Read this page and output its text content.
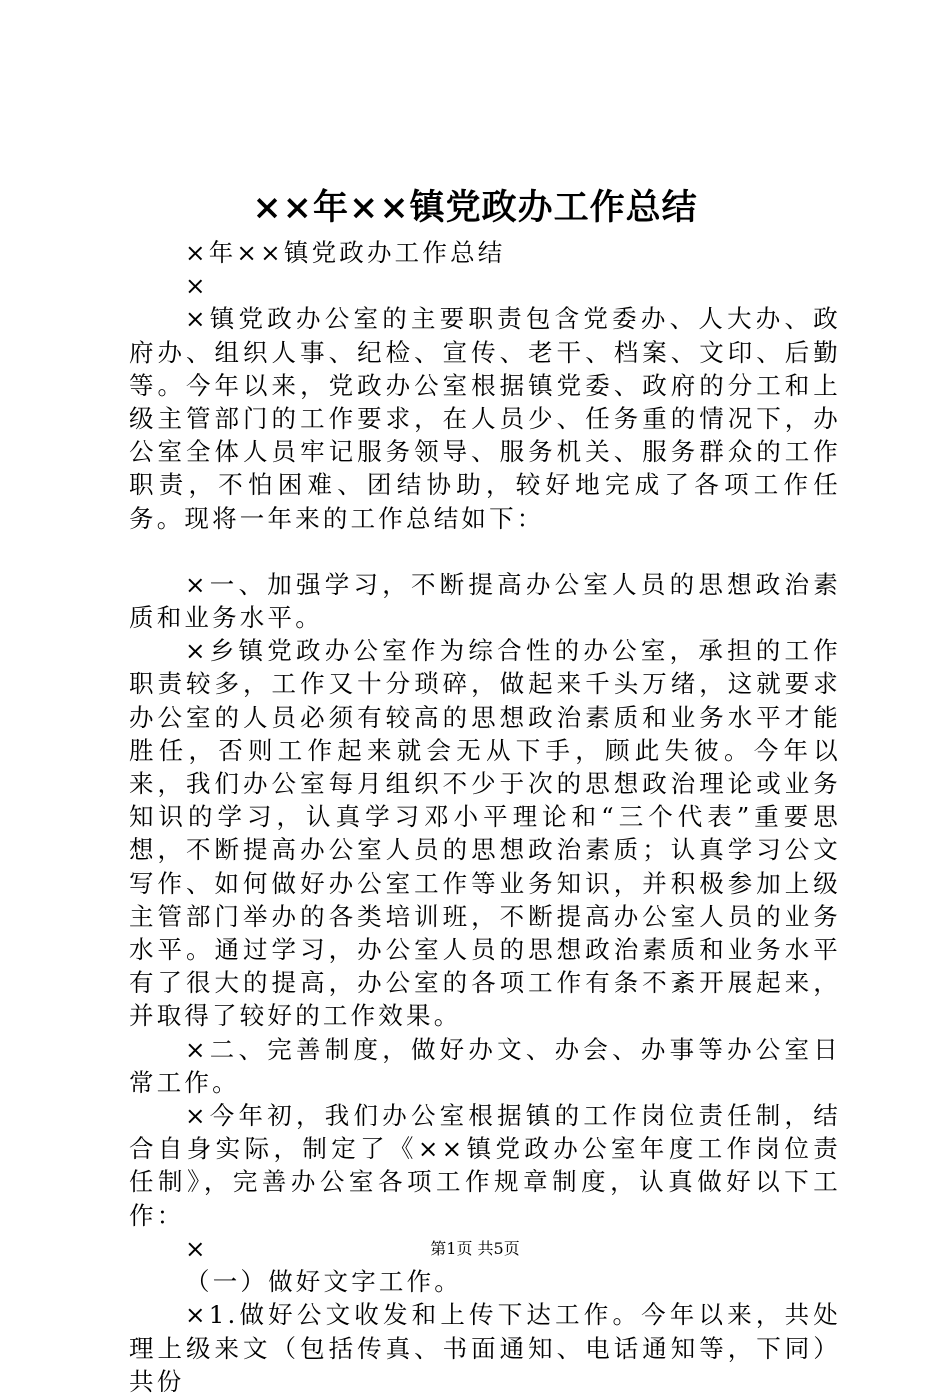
××年××镇党政办工作总结

×年××镇党政办工作总结

×

×镇党政办公室的主要职责包含党委办、人大办、政府办、组织人事、纪检、宣传、老干、档案、文印、后勤等。今年以来，党政办公室根据镇党委、政府的分工和上级主管部门的工作要求，在人员少、任务重的情况下，办公室全体人员牢记服务领导、服务机关、服务群众的工作职责，不怕困难、团结协助，较好地完成了各项工作任务。现将一年来的工作总结如下：

×一、加强学习，不断提高办公室人员的思想政治素质和业务水平。

×乡镇党政办公室作为综合性的办公室，承担的工作职责较多，工作又十分琐碎，做起来千头万绪，这就要求办公室的人员必须有较高的思想政治素质和业务水平才能胜任，否则工作起来就会无从下手，顾此失彼。今年以来，我们办公室每月组织不少于次的思想政治理论或业务知识的学习，认真学习邓小平理论和“三个代表”重要思想，不断提高办公室人员的思想政治素质；认真学习公文写作、如何做好办公室工作等业务知识，并积极参加上级主管部门举办的各类培训班，不断提高办公室人员的业务水平。通过学习，办公室人员的思想政治素质和业务水平有了很大的提高，办公室的各项工作有条不紊开展起来，并取得了较好的工作效果。

×二、完善制度，做好办文、办会、办事等办公室日常工作。

×今年初，我们办公室根据镇的工作岗位责任制，结合自身实际，制定了《××镇党政办公室年度工作岗位责任制》，完善办公室各项工作规章制度，认真做好以下工作：

×

（一）做好文字工作。

×1.做好公文收发和上传下达工作。今年以来，共处理上级来文（包括传真、书面通知、电话通知等，下同）共份

第1页 共5页
